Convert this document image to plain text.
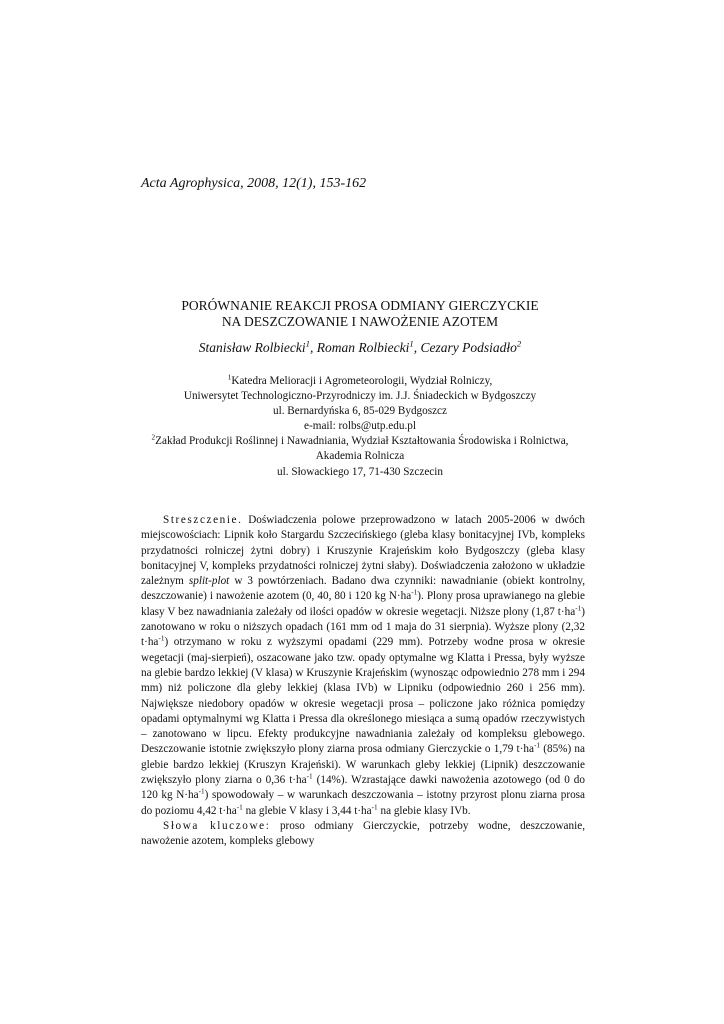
Acta Agrophysica, 2008, 12(1), 153-162
PORÓWNANIE REAKCJI PROSA ODMIANY GIERCZYCKIE
NA DESZCZOWANIE I NAWOŻENIE AZOTEM
Stanisław Rolbiecki$^1$, Roman Rolbiecki$^1$, Cezary Podsiadło$^2$
$^1$Katedra Melioracji i Agrometeorologii, Wydział Rolniczy,
Uniwersytet Technologiczno-Przyrodniczy im. J.J. Śniadeckich w Bydgoszczy
ul. Bernardyńska 6, 85-029 Bydgoszcz
e-mail: rolbs@utp.edu.pl
$^2$Zakład Produkcji Roślinnej i Nawadniania, Wydział Kształtowania Środowiska i Rolnictwa,
Akademia Rolnicza
ul. Słowackiego 17, 71-430 Szczecin

Streszczenie. Doświadczenia polowe przeprowadzono w latach 2005-2006 w dwóch miejscowościach: Lipnik koło Stargardu Szczecińskiego (gleba klasy bonitacyjnej IVb, kompleks przydatności rolniczej żytni dobry) i Kruszynie Krajeńskim koło Bydgoszczy (gleba klasy bonitacyjnej V, kompleks przydatności rolniczej żytni słaby). Doświadczenia założono w układzie zależnym split-plot w 3 powtórzeniach. Badano dwa czynniki: nawadnianie (obiekt kontrolny, deszczowanie) i nawożenie azotem (0, 40, 80 i 120 kg $N\cdot ha^{-1}$). Plony prosa uprawianego na glebie klasy V bez nawadniania zależały od ilości opadów w okresie wegetacji. Niższe plony (1,87 $t\cdot ha^{-1}$) zanotowano w roku o niższych opadach (161 mm od 1 maja do 31 sierpnia). Wyższe plony (2,32 $t\cdot ha^{-1}$) otrzymano w roku z wyższymi opadami (229 mm). Potrzeby wodne prosa w okresie wegetacji (maj-sierpień), oszacowane jako tzw. opady optymalne wg Klatta i Pressa, były wyższe na glebie bardzo lekkiej (V klasa) w Kruszynie Krajeńskim (wynosząc odpowiednio 278 mm i 294 mm) niż policzone dla gleby lekkiej (klasa IVb) w Lipniku (odpowiednio 260 i 256 mm). Największe niedobory opadów w okresie wegetacji prosa – policzone jako różnica pomiędzy opadami optymalnymi wg Klatta i Pressa dla określonego miesiąca a sumą opadów rzeczywistych – zanotowano w lipcu. Efekty produkcyjne nawadniania zależały od kompleksu glebowego. Deszczowanie istotnie zwiększyło plony ziarna prosa odmiany Gierczyckie o 1,79 $t\cdot ha^{-1}$ (85%) na glebie bardzo lekkiej (Kruszyn Krajeński). W warunkach gleby lekkiej (Lipnik) deszczowanie zwiększyło plony ziarna o 0,36 $t\cdot ha^{-1}$ (14%). Wzrastające dawki nawożenia azotowego (od 0 do 120 kg $N\cdot ha^{-1}$) spowodowały – w warunkach deszczowania – istotny przyrost plonu ziarna prosa do poziomu 4,42 $t\cdot ha^{-1}$ na glebie V klasy i 3,44 $t\cdot ha^{-1}$ na glebie klasy IVb.

Słowa kluczowe: proso odmiany Gierczyckie, potrzeby wodne, deszczowanie, nawożenie azotem, kompleks glebowy
